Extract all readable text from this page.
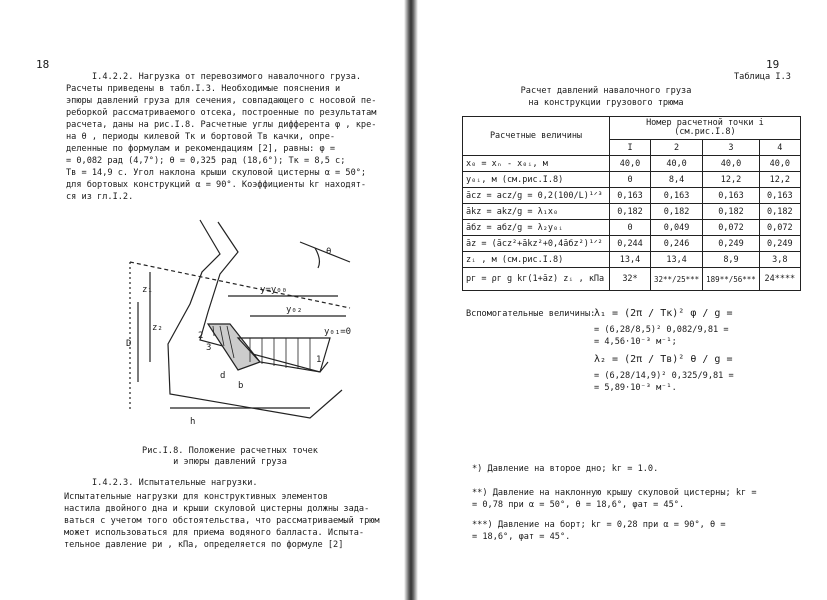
18
I.4.2.2. Нагрузка от перевозимого навалочного груза.
Расчеты приведены в табл.I.3. Необходимые пояснения и
эпюры давлений груза для сечения, совпадающего с носовой пе-
реборкой рассматриваемого отсека, построенные по результатам
расчета, даны на рис.I.8. Расчетные углы дифферента φ , кре-
на θ , периоды килевой Tк и бортовой Tв качки, опре-
деленные по формулам и рекомендациям [2], равны: φ =
= 0,082 рад (4,7°); θ = 0,325 рад (18,6°); Tк = 8,5 с;
Tв = 14,9 с. Угол наклона крыши скуловой цистерны α = 50°;
для бортовых конструкций α = 90°. Коэффициенты kг находят-
ся из гл.I.2.
θ
z₁
z₂
D
2
3
d
b
h
1
y=y₀₀
y₀₂
y₀₁=0
Рис.I.8. Положение расчетных точек
и эпюры давлений груза
I.4.2.3. Испытательные нагрузки.
Испытательные нагрузки для конструктивных элементов
настила двойного дна и крыши скуловой цистерны должны зада-
ваться с учетом того обстоятельства, что рассматриваемый трюм
может использоваться для приема водяного балласта. Испыта-
тельное давление pи , кПа, определяется по формуле [2]
19
Таблица I.3
Расчет давлений навалочного груза
на конструкции грузового трюма
Расчетные величины	Номер расчетной точки i
(см.рис.I.8)			
	I	2	3	4
x₀ = xₙ - x₀ᵢ, м	40,0	40,0	40,0	40,0
y₀ᵢ, м (см.рис.I.8)	0	8,4	12,2	12,2
ācz = acz/g = 0,2(100/L)¹ᐟ³	0,163	0,163	0,163	0,163
ākz = akz/g = λ₁x₀	0,182	0,182	0,182	0,182
āбz = aбz/g = λ₂y₀ᵢ	0	0,049	0,072	0,072
āz = (ācz²+ākz²+0,4āбz²)¹ᐟ²	0,244	0,246	0,249	0,249
zᵢ , м (см.рис.I.8)	13,4	13,4	8,9	3,8
pг = ρг g kг(1+āz) zᵢ , кПа	32*	32**/25***	189**/56***	24****
Вспомогательные величины:
λ₁ = (2π / Tк)² φ / g =
= (6,28/8,5)² 0,082/9,81 =
= 4,56·10⁻³ м⁻¹;
λ₂ = (2π / Tв)² θ / g =
= (6,28/14,9)² 0,325/9,81 =
= 5,89·10⁻³ м⁻¹.
*) Давление на второе дно; kг = 1.0.
**) Давление на наклонную крышу скуловой цистерны; kг =
= 0,78 при α = 50°, θ = 18,6°, φат = 45°.
***) Давление на борт; kг = 0,28 при α = 90°, θ =
= 18,6°, φат = 45°.
